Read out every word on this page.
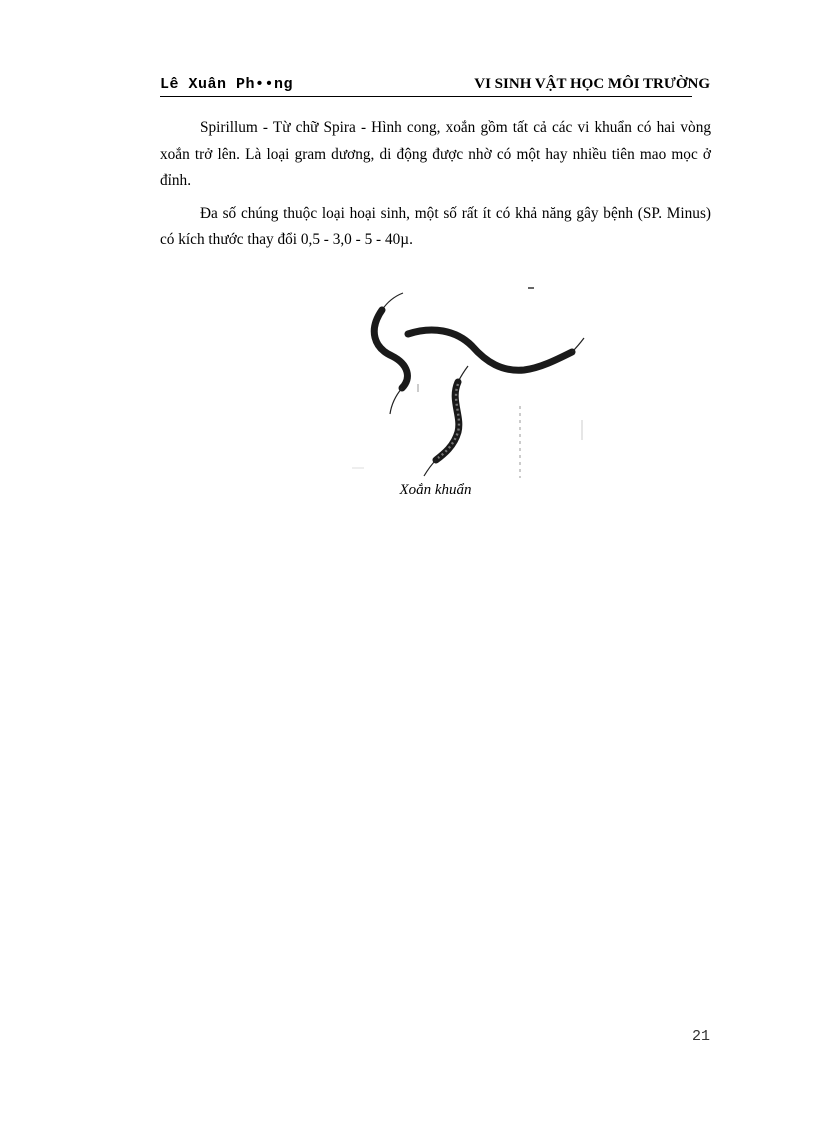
Lê Xuân Ph••ng	VI SINH VẬT HỌC MÔI TRƯỜNG

Spirillum - Từ chữ Spira - Hình cong, xoắn gồm tất cả các vi khuẩn có hai vòng xoắn trở lên. Là loại gram dương, di động được nhờ có một hay nhiều tiên mao mọc ở đỉnh.

Đa số chúng thuộc loại hoại sinh, một số rất ít có khả năng gây bệnh (SP. Minus) có kích thước thay đổi 0,5 - 3,0 - 5 - 40µ.

Xoắn khuẩn
21
